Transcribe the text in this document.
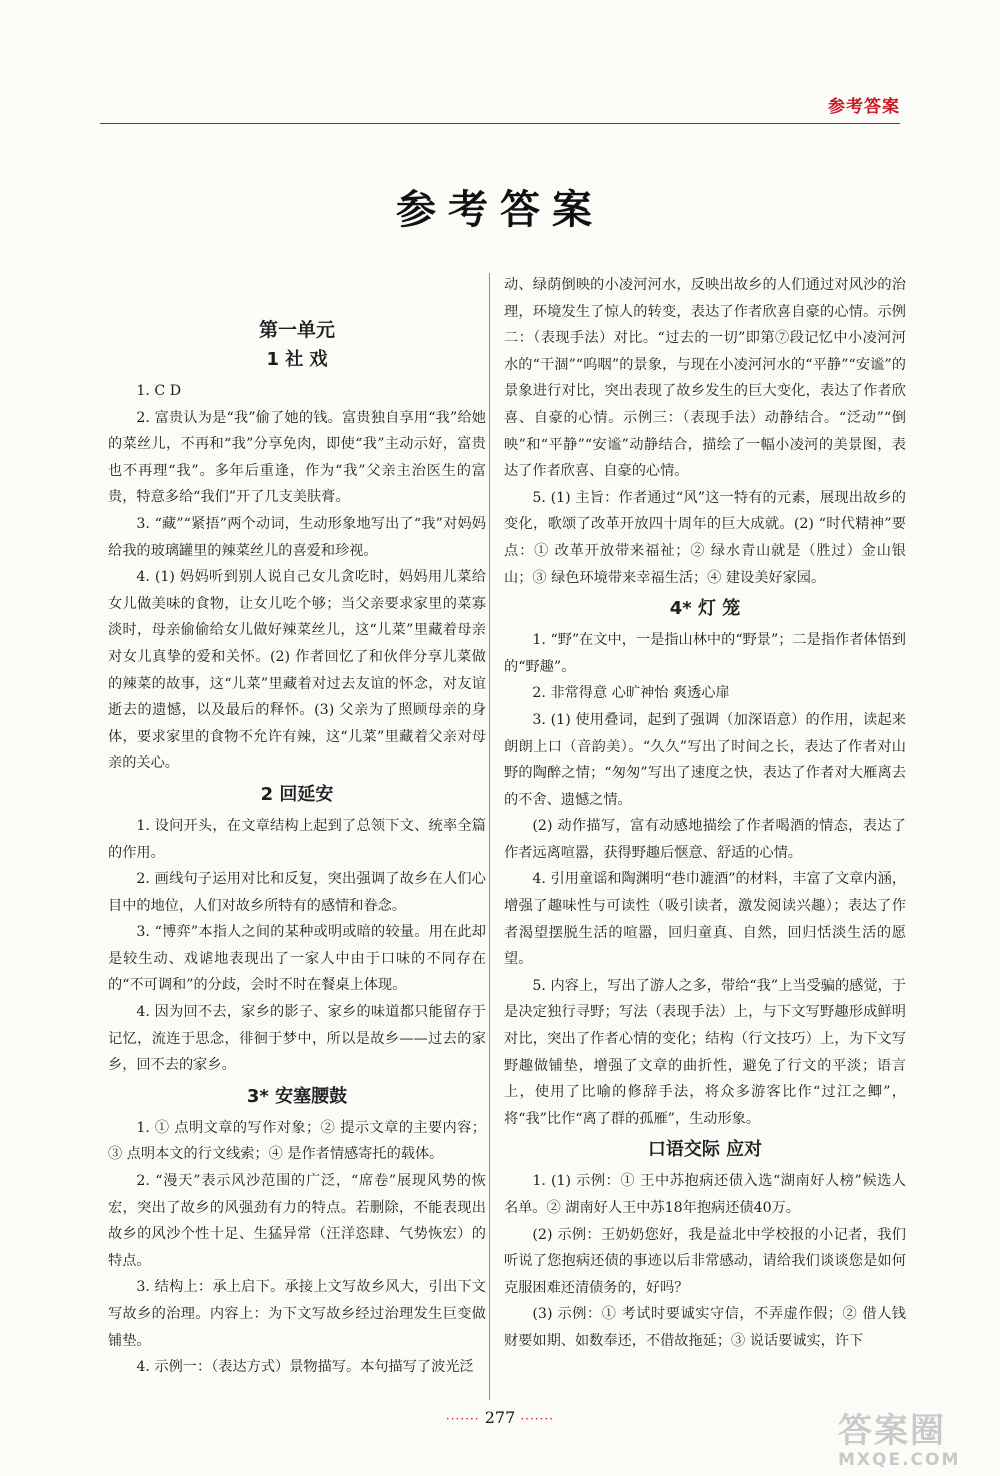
参考答案
参考答案
第一单元
1 社 戏

1. C D

2. 富贵认为是“我”偷了她的钱。富贵独自享用“我”给她的菜丝儿，不再和“我”分享免肉，即使“我”主动示好，富贵也不再理“我”。多年后重逢，作为“我”父亲主治医生的富贵，特意多给“我们”开了几支美肤膏。

3. “藏”“紧捂”两个动词，生动形象地写出了“我”对妈妈给我的玻璃罐里的辣菜丝儿的喜爱和珍视。

4. (1) 妈妈听到别人说自己女儿贪吃时，妈妈用儿菜给女儿做美味的食物，让女儿吃个够；当父亲要求家里的菜寡淡时，母亲偷偷给女儿做好辣菜丝儿，这“儿菜”里藏着母亲对女儿真挚的爱和关怀。(2) 作者回忆了和伙伴分享儿菜做的辣菜的故事，这“儿菜”里藏着对过去友谊的怀念，对友谊逝去的遗憾，以及最后的释怀。(3) 父亲为了照顾母亲的身体，要求家里的食物不允许有辣，这“儿菜”里藏着父亲对母亲的关心。

2 回延安

1. 设问开头，在文章结构上起到了总领下文、统率全篇的作用。

2. 画线句子运用对比和反复，突出强调了故乡在人们心目中的地位，人们对故乡所特有的感情和眷念。

3. “博弈”本指人之间的某种或明或暗的较量。用在此却是较生动、戏谑地表现出了一家人中由于口味的不同存在的“不可调和”的分歧，会时不时在餐桌上体现。

4. 因为回不去，家乡的影子、家乡的味道都只能留存于记忆，流连于思念，徘徊于梦中，所以是故乡——过去的家乡，回不去的家乡。

3* 安塞腰鼓

1. ① 点明文章的写作对象；② 提示文章的主要内容；③ 点明本文的行文线索；④ 是作者情感寄托的载体。

2. “漫天”表示风沙范围的广泛，“席卷”展现风势的恢宏，突出了故乡的风强劲有力的特点。若删除，不能表现出故乡的风沙个性十足、生猛异常（汪洋恣肆、气势恢宏）的特点。

3. 结构上：承上启下。承接上文写故乡风大，引出下文写故乡的治理。内容上：为下文写故乡经过治理发生巨变做铺垫。

4. 示例一：（表达方式）景物描写。本句描写了波光泛

动、绿荫倒映的小凌河河水，反映出故乡的人们通过对风沙的治理，环境发生了惊人的转变，表达了作者欣喜自豪的心情。示例二：（表现手法）对比。“过去的一切”即第⑦段记忆中小凌河河水的“干涸”“呜咽”的景象，与现在小凌河河水的“平静”“安谧”的景象进行对比，突出表现了故乡发生的巨大变化，表达了作者欣喜、自豪的心情。示例三：（表现手法）动静结合。“泛动”“倒映”和“平静”“安谧”动静结合，描绘了一幅小凌河的美景图，表达了作者欣喜、自豪的心情。

5. (1) 主旨：作者通过“风”这一特有的元素，展现出故乡的变化，歌颂了改革开放四十周年的巨大成就。(2) “时代精神”要点：① 改革开放带来福祉；② 绿水青山就是（胜过）金山银山；③ 绿色环境带来幸福生活；④ 建设美好家园。

4* 灯 笼

1. “野”在文中，一是指山林中的“野景”；二是指作者体悟到的“野趣”。

2. 非常得意 心旷神怡 爽透心扉

3. (1) 使用叠词，起到了强调（加深语意）的作用，读起来朗朗上口（音韵美）。“久久”写出了时间之长，表达了作者对山野的陶醉之情；“匆匆”写出了速度之快，表达了作者对大雁离去的不舍、遗憾之情。

(2) 动作描写，富有动感地描绘了作者喝酒的情态，表达了作者远离喧嚣，获得野趣后惬意、舒适的心情。

4. 引用童谣和陶渊明“巷巾漉酒”的材料，丰富了文章内涵，增强了趣味性与可读性（吸引读者，激发阅读兴趣）；表达了作者渴望摆脱生活的喧嚣，回归童真、自然，回归恬淡生活的愿望。

5. 内容上，写出了游人之多，带给“我”上当受骗的感觉，于是决定独行寻野；写法（表现手法）上，与下文写野趣形成鲜明对比，突出了作者心情的变化；结构（行文技巧）上，为下文写野趣做铺垫，增强了文章的曲折性，避免了行文的平淡；语言上，使用了比喻的修辞手法，将众多游客比作“过江之鲫”，将“我”比作“离了群的孤雁”，生动形象。

口语交际 应对

1. (1) 示例：① 王中苏抱病还债入选“湖南好人榜”候选人名单。② 湖南好人王中苏18年抱病还债40万。

(2) 示例：王奶奶您好，我是益北中学校报的小记者，我们听说了您抱病还债的事迹以后非常感动，请给我们谈谈您是如何克服困难还清债务的，好吗？

(3) 示例：① 考试时要诚实守信，不弄虚作假；② 借人钱财要如期、如数奉还，不借故拖延；③ 说话要诚实，许下

······· 277 ·······	答案圈
MXQE.COM
